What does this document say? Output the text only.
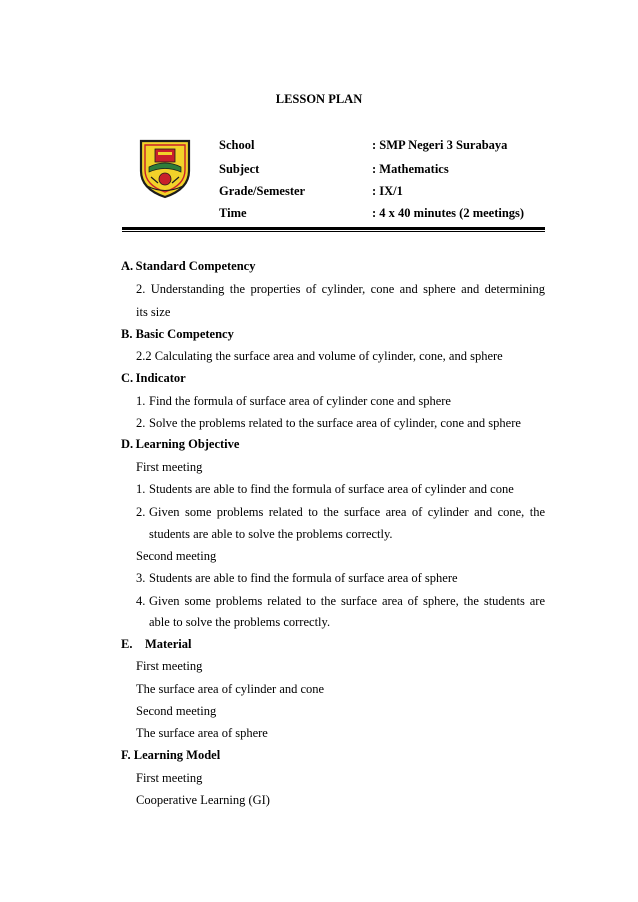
LESSON PLAN
School	: SMP Negeri 3 Surabaya
Subject	: Mathematics
Grade/Semester	: IX/1
Time	: 4 x 40 minutes (2 meetings)
A. Standard Competency
2. Understanding the properties of cylinder, cone and sphere and determining
its size
B. Basic Competency
2.2 Calculating the surface area and volume of cylinder, cone, and sphere
C. Indicator
1. Find the formula of surface area of cylinder cone and sphere
2. Solve the problems related to the surface area of cylinder, cone and sphere
D. Learning Objective
First meeting
1. Students are able to find the formula of surface area of cylinder and cone
2. Given some problems related to the surface area of cylinder and cone, the
students are able to solve the problems correctly.
Second meeting
3. Students are able to find the formula of surface area of sphere
4. Given some problems related to the surface area of sphere, the students are
able to solve the problems correctly.
E. Material
First meeting
The surface area of cylinder and cone
Second meeting
The surface area of sphere
F. Learning Model
First meeting
Cooperative Learning (GI)
